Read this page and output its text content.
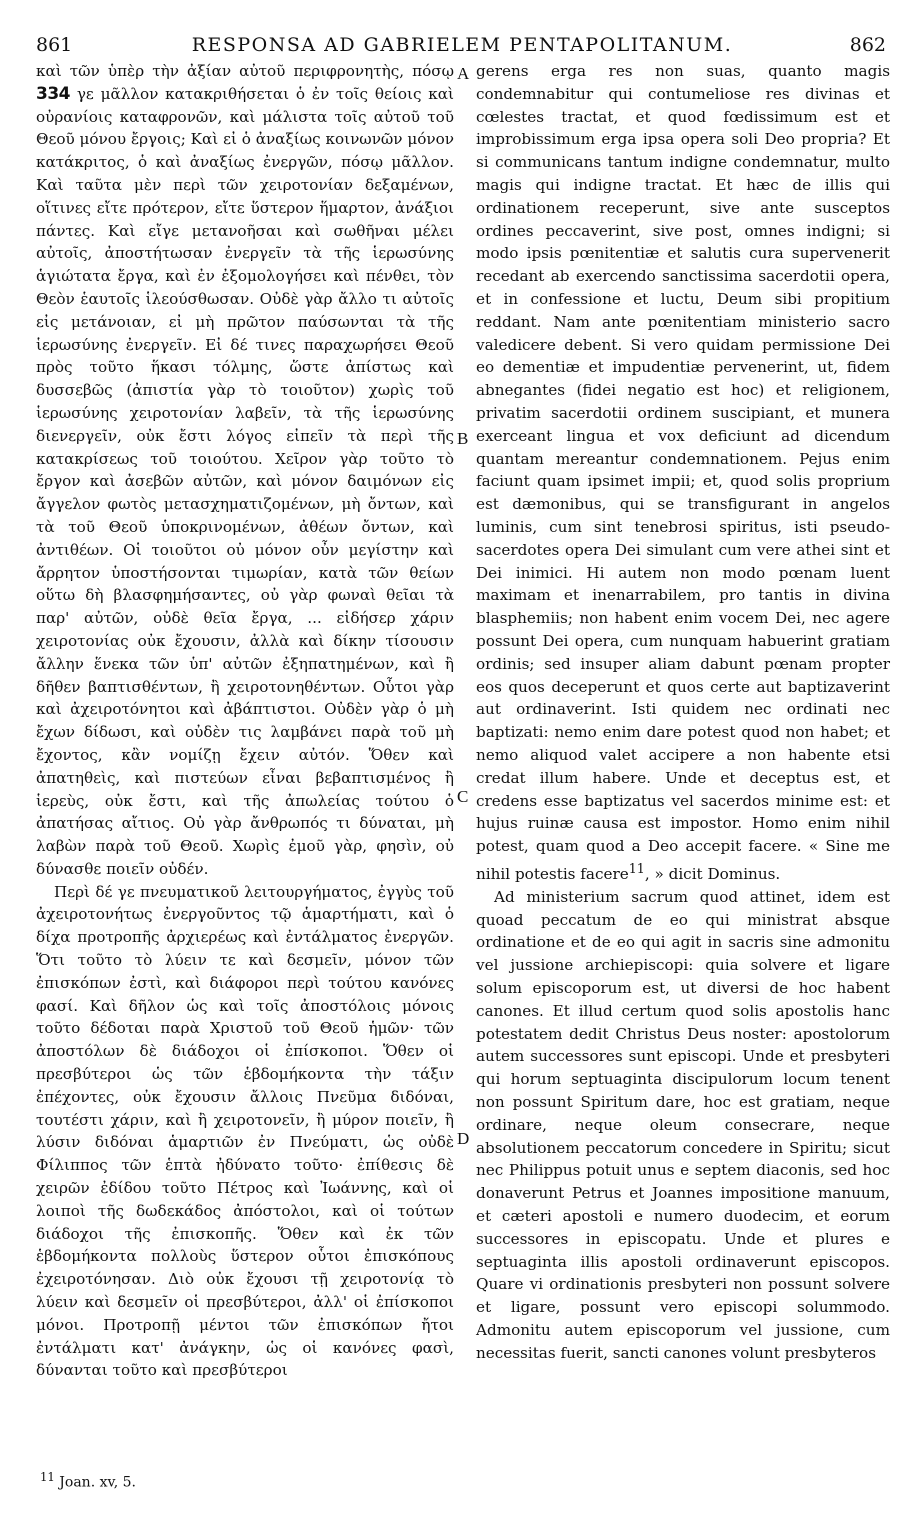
861	RESPONSA AD GABRIELEM PENTAPOLITANUM.	862

καὶ τῶν ὑπὲρ τὴν ἀξίαν αὐτοῦ περιφρονητὴς, πόσῳ 334 γε μᾶλλον κατακριθήσεται ὁ ἐν τοῖς θείοις καὶ οὐρανίοις καταφρονῶν, καὶ μάλιστα τοῖς αὐτοῦ τοῦ Θεοῦ μόνου ἔργοις; Καὶ εἰ ὁ ἀναξίως κοινωνῶν μόνον κατάκριτος, ὁ καὶ ἀναξίως ἐνεργῶν, πόσῳ μᾶλλον. Καὶ ταῦτα μὲν περὶ τῶν χειροτονίαν δεξαμένων, οἵτινες εἴτε πρότερον, εἴτε ὕστερον ἥμαρτον, ἀνάξιοι πάντες. Καὶ εἴγε μετανοῆσαι καὶ σωθῆναι μέλει αὐτοῖς, ἀποστήτωσαν ἐνεργεῖν τὰ τῆς ἱερωσύνης ἁγιώτατα ἔργα, καὶ ἐν ἐξομολογήσει καὶ πένθει, τὸν Θεὸν ἑαυτοῖς ἱλεούσθωσαν. Οὐδὲ γὰρ ἄλλο τι αὐτοῖς εἰς μετάνοιαν, εἰ μὴ πρῶτον παύσωνται τὰ τῆς ἱερωσύνης ἐνεργεῖν. Εἰ δέ τινες παραχωρήσει Θεοῦ πρὸς τοῦτο ἥκασι τόλμης, ὥστε ἀπίστως καὶ δυσσεβῶς (ἀπιστία γὰρ τὸ τοιοῦτον) χωρὶς τοῦ ἱερωσύνης χειροτονίαν λαβεῖν, τὰ τῆς ἱερωσύνης διενεργεῖν, οὐκ ἔστι λόγος εἰπεῖν τὰ περὶ τῆς κατακρίσεως τοῦ τοιούτου. Χεῖρον γὰρ τοῦτο τὸ ἔργον καὶ ἀσεβῶν αὐτῶν, καὶ μόνον δαιμόνων εἰς ἄγγελον φωτὸς μετασχηματιζομένων, μὴ ὄντων, καὶ τὰ τοῦ Θεοῦ ὑποκρινομένων, ἀθέων ὄντων, καὶ ἀντιθέων. Οἱ τοιοῦτοι οὐ μόνον οὖν μεγίστην καὶ ἄρρητον ὑποστήσονται τιμωρίαν, κατὰ τῶν θείων οὕτω δὴ βλασφημήσαντες, οὐ γὰρ φωναὶ θεῖαι τὰ παρ' αὐτῶν, οὐδὲ θεῖα ἔργα, ... εἰδήσερ χάριν χειροτονίας οὐκ ἔχουσιν, ἀλλὰ καὶ δίκην τίσουσιν ἄλλην ἕνεκα τῶν ὑπ' αὐτῶν ἐξηπατημένων, καὶ ἢ δῆθεν βαπτισθέντων, ἢ χειροτονηθέντων. Οὗτοι γὰρ καὶ ἀχειροτόνητοι καὶ ἀβάπτιστοι. Οὐδὲν γὰρ ὁ μὴ ἔχων δίδωσι, καὶ οὐδὲν τις λαμβάνει παρὰ τοῦ μὴ ἔχοντος, κἂν νομίζῃ ἔχειν αὐτόν. Ὅθεν καὶ ἀπατηθεὶς, καὶ πιστεύων εἶναι βεβαπτισμένος ἢ ἱερεὺς, οὐκ ἔστι, καὶ τῆς ἀπωλείας τούτου ὁ ἀπατήσας αἴτιος. Οὐ γὰρ ἄνθρωπός τι δύναται, μὴ λαβὼν παρὰ τοῦ Θεοῦ. Χωρὶς ἐμοῦ γὰρ, φησὶν, οὐ δύνασθε ποιεῖν οὐδέν.

Περὶ δέ γε πνευματικοῦ λειτουργήματος, ἐγγὺς τοῦ ἀχειροτονήτως ἐνεργοῦντος τῷ ἁμαρτήματι, καὶ ὁ δίχα προτροπῆς ἀρχιερέως καὶ ἐντάλματος ἐνεργῶν. Ὅτι τοῦτο τὸ λύειν τε καὶ δεσμεῖν, μόνον τῶν ἐπισκόπων ἐστὶ, καὶ διάφοροι περὶ τούτου κανόνες φασί. Καὶ δῆλον ὡς καὶ τοῖς ἀποστόλοις μόνοις τοῦτο δέδοται παρὰ Χριστοῦ τοῦ Θεοῦ ἡμῶν· τῶν ἀποστόλων δὲ διάδοχοι οἱ ἐπίσκοποι. Ὅθεν οἱ πρεσβύτεροι ὡς τῶν ἑβδομήκοντα τὴν τάξιν ἐπέχοντες, οὐκ ἔχουσιν ἄλλοις Πνεῦμα διδόναι, τουτέστι χάριν, καὶ ἢ χειροτονεῖν, ἢ μύρον ποιεῖν, ἢ λύσιν διδόναι ἁμαρτιῶν ἐν Πνεύματι, ὡς οὐδὲ Φίλιππος τῶν ἑπτὰ ἠδύνατο τοῦτο· ἐπίθεσις δὲ χειρῶν ἐδίδου τοῦτο Πέτρος καὶ Ἰωάννης, καὶ οἱ λοιποὶ τῆς δωδεκάδος ἀπόστολοι, καὶ οἱ τούτων διάδοχοι τῆς ἐπισκοπῆς. Ὅθεν καὶ ἐκ τῶν ἑβδομήκοντα πολλοὺς ὕστερον οὗτοι ἐπισκόπους ἐχειροτόνησαν. Διὸ οὐκ ἔχουσι τῇ χειροτονίᾳ τὸ λύειν καὶ δεσμεῖν οἱ πρεσβύτεροι, ἀλλ' οἱ ἐπίσκοποι μόνοι. Προτροπῇ μέντοι τῶν ἐπισκόπων ἤτοι ἐντάλματι κατ' ἀνάγκην, ὡς οἱ κανόνες φασὶ, δύνανται τοῦτο καὶ πρεσβύτεροι

A
B
C
D

gerens erga res non suas, quanto magis condemnabitur qui contumeliose res divinas et cœlestes tractat, et quod fœdissimum est et improbissimum erga ipsa opera soli Deo propria? Et si communicans tantum indigne condemnatur, multo magis qui indigne tractat. Et hæc de illis qui ordinationem receperunt, sive ante susceptos ordines peccaverint, sive post, omnes indigni; si modo ipsis pœnitentiæ et salutis cura supervenerit recedant ab exercendo sanctissima sacerdotii opera, et in confessione et luctu, Deum sibi propitium reddant. Nam ante pœnitentiam ministerio sacro valedicere debent. Si vero quidam permissione Dei eo dementiæ et impudentiæ pervenerint, ut, fidem abnegantes (fidei negatio est hoc) et religionem, privatim sacerdotii ordinem suscipiant, et munera exerceant lingua et vox deficiunt ad dicendum quantam mereantur condemnationem. Pejus enim faciunt quam ipsimet impii; et, quod solis proprium est dæmonibus, qui se transfigurant in angelos luminis, cum sint tenebrosi spiritus, isti pseudo-sacerdotes opera Dei simulant cum vere athei sint et Dei inimici. Hi autem non modo pœnam luent maximam et inenarrabilem, pro tantis in divina blasphemiis; non habent enim vocem Dei, nec agere possunt Dei opera, cum nunquam habuerint gratiam ordinis; sed insuper aliam dabunt pœnam propter eos quos deceperunt et quos certe aut baptizaverint aut ordinaverint. Isti quidem nec ordinati nec baptizati: nemo enim dare potest quod non habet; et nemo aliquod valet accipere a non habente etsi credat illum habere. Unde et deceptus est, et credens esse baptizatus vel sacerdos minime est: et hujus ruinæ causa est impostor. Homo enim nihil potest, quam quod a Deo accepit facere. « Sine me nihil potestis facere$^{11}$, » dicit Dominus.

Ad ministerium sacrum quod attinet, idem est quoad peccatum de eo qui ministrat absque ordinatione et de eo qui agit in sacris sine admonitu vel jussione archiepiscopi: quia solvere et ligare solum episcoporum est, ut diversi de hoc habent canones. Et illud certum quod solis apostolis hanc potestatem dedit Christus Deus noster: apostolorum autem successores sunt episcopi. Unde et presbyteri qui horum septuaginta discipulorum locum tenent non possunt Spiritum dare, hoc est gratiam, neque ordinare, neque oleum consecrare, neque absolutionem peccatorum concedere in Spiritu; sicut nec Philippus potuit unus e septem diaconis, sed hoc donaverunt Petrus et Joannes impositione manuum, et cæteri apostoli e numero duodecim, et eorum successores in episcopatu. Unde et plures e septuaginta illis apostoli ordinaverunt episcopos. Quare vi ordinationis presbyteri non possunt solvere et ligare, possunt vero episcopi solummodo. Admonitu autem episcoporum vel jussione, cum necessitas fuerit, sancti canones volunt presbyteros

$^{11}$ Joan. xv, 5.
